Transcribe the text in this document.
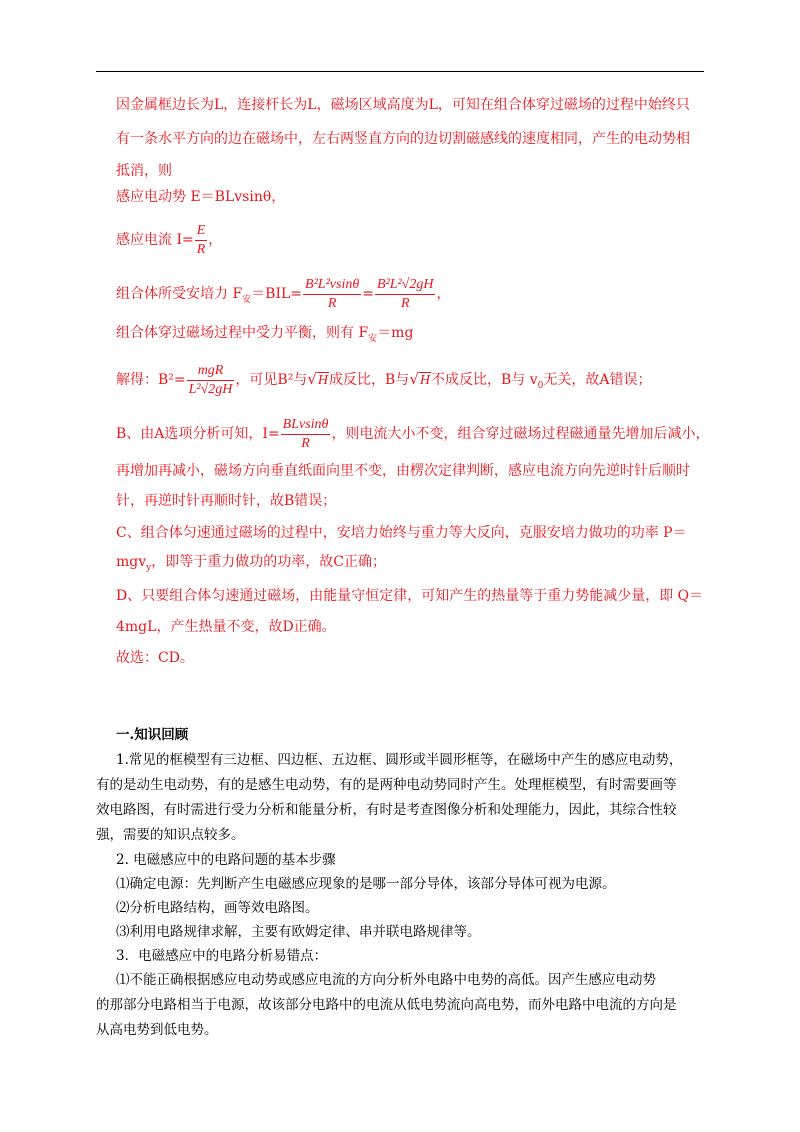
因金属框边长为L，连接杆长为L，磁场区域高度为L，可知在组合体穿过磁场的过程中始终只
有一条水平方向的边在磁场中，左右两竖直方向的边切割磁感线的速度相同，产生的电动势相
抵消，则
感应电动势 E＝BLvsinθ，
感应电流 $I= \frac{E}{R}$ ，
组合体所受安培力 $F_安=BIL= \frac{\text{B²L²vsinθ}}{R} = \frac{\text{B²L²√2gH}}{R}$ ，
组合体穿过磁场过程中受力平衡，则有 $F_安=mg$
解得：$B^2= \frac{\text{mgR}}{\text{L²√2gH}}$ ，可见B²与√H成反比，B与√H不成反比，B与 $v_0$无关，故A错误；
B、由A选项分析可知，$I= \frac{\text{BLvsinθ}}{R}$ ，则电流大小不变，组合穿过磁场过程磁通量先增加后减小，
再增加再减小，磁场方向垂直纸面向里不变，由楞次定律判断，感应电流方向先逆时针后顺时
针，再逆时针再顺时针，故B错误；
C、组合体匀速通过磁场的过程中，安培力始终与重力等大反向，克服安培力做功的功率 P＝
mgv$_y$，即等于重力做功的功率，故C正确；
D、只要组合体匀速通过磁场，由能量守恒定律，可知产生的热量等于重力势能减少量，即 Q＝
4mgL，产生热量不变，故D正确。
故选：CD。
一.知识回顾
1.常见的框模型有三边框、四边框、五边框、圆形或半圆形框等，在磁场中产生的感应电动势，
有的是动生电动势，有的是感生电动势，有的是两种电动势同时产生。处理框模型，有时需要画等
效电路图，有时需进行受力分析和能量分析，有时是考查图像分析和处理能力，因此，其综合性较
强，需要的知识点较多。
2. 电磁感应中的电路问题的基本步骤
⑴确定电源：先判断产生电磁感应现象的是哪一部分导体，该部分导体可视为电源。
⑵分析电路结构，画等效电路图。
⑶利用电路规律求解，主要有欧姆定律、串并联电路规律等。
3．电磁感应中的电路分析易错点：
⑴不能正确根据感应电动势或感应电流的方向分析外电路中电势的高低。因产生感应电动势
的那部分电路相当于电源，故该部分电路中的电流从低电势流向高电势，而外电路中电流的方向是
从高电势到低电势。
